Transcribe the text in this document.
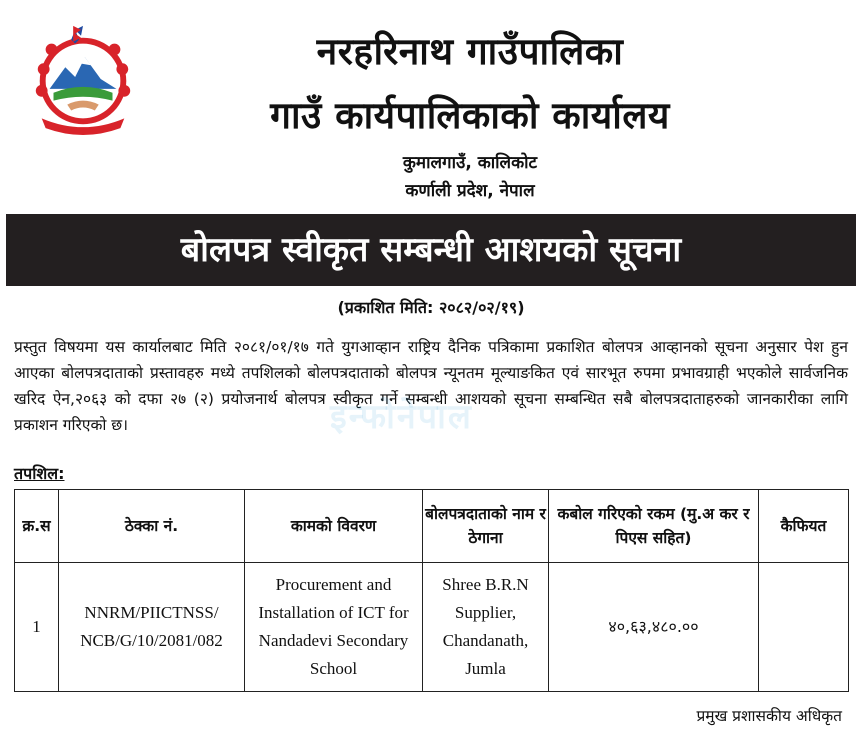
नरहरिनाथ गाउँपालिका
गाउँ कार्यपालिकाको कार्यालय
कुमालगाउँ, कालिकोट
कर्णाली प्रदेश, नेपाल
बोलपत्र स्वीकृत सम्बन्धी आशयको सूचना
(प्रकाशित मिति: २०८२/०२/१९)
प्रस्तुत विषयमा यस कार्यालबाट मिति २०८१/०१/१७ गते युगआव्हान राष्ट्रिय दैनिक पत्रिकामा प्रकाशित बोलपत्र आव्हानको सूचना अनुसार पेश हुन आएका बोलपत्रदाताको प्रस्तावहरु मध्ये तपशिलको बोलपत्रदाताको बोलपत्र न्यूनतम मूल्याङकित एवं सारभूत रुपमा प्रभावग्राही भएकोले सार्वजनिक खरिद ऐन,२०६३ को दफा २७ (२) प्रयोजनार्थ बोलपत्र स्वीकृत गर्ने सम्बन्धी आशयको सूचना सम्बन्धित सबै बोलपत्रदाताहरुको जानकारीका लागि प्रकाशन गरिएको छ।	इन्फोनेपाल
तपशिल:
क्र.स	ठेक्का नं.	कामको विवरण	बोलपत्रदाताको नाम र ठेगाना	कबोल गरिएको रकम (मु.अ कर र पिएस सहित)	कैफियत
1	NNRM/PIICTNSS/ NCB/G/10/2081/082	Procurement and Installation of ICT for Nandadevi Secondary School	Shree B.R.N Supplier, Chandanath, Jumla	४०,६३,४८०.००	
प्रमुख प्रशासकीय अधिकृत
